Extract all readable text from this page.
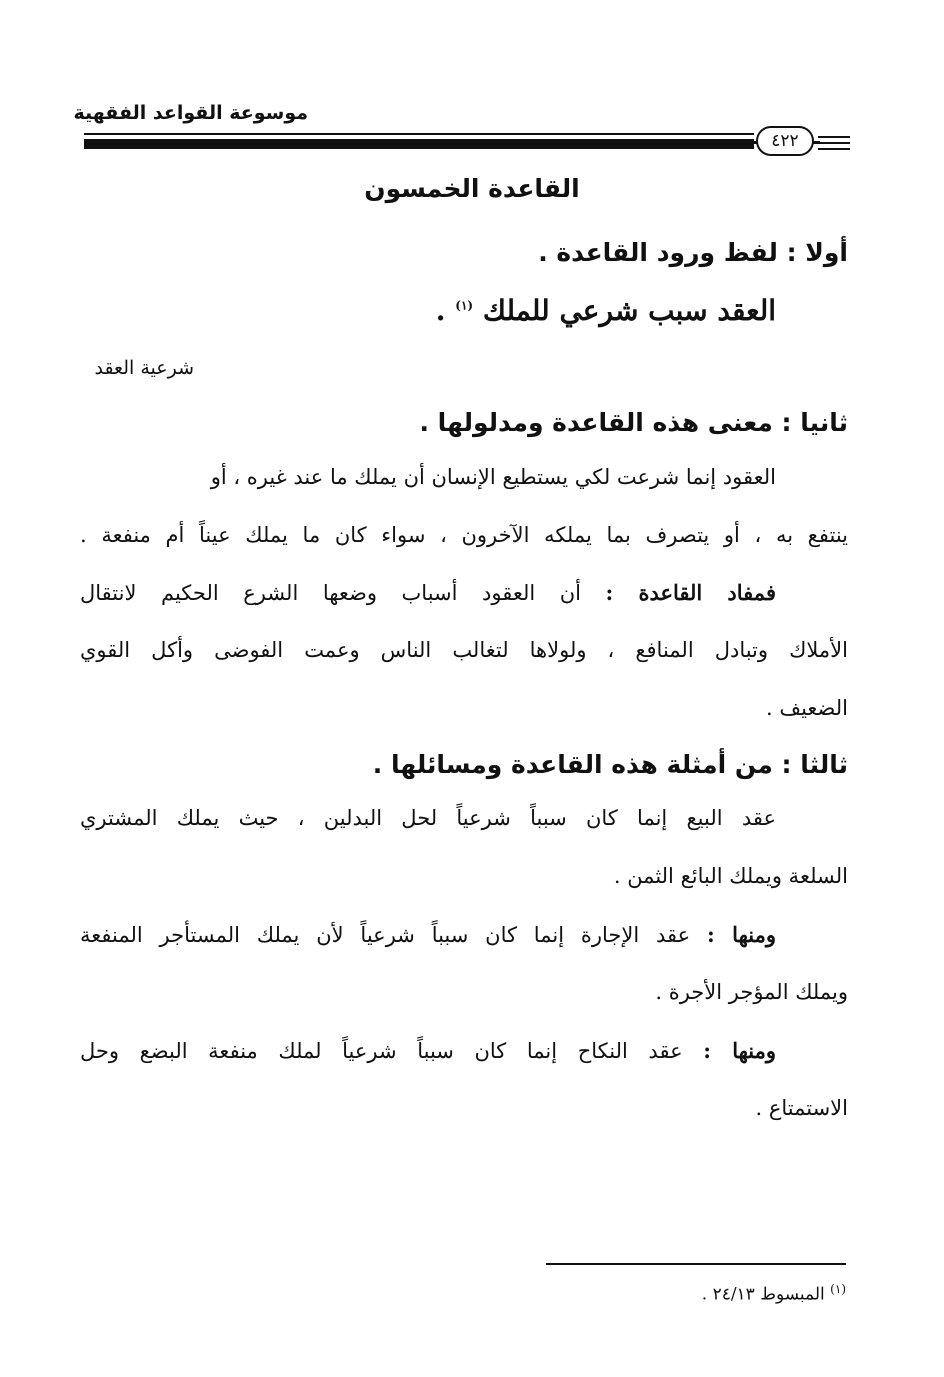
موسوعة القواعد الفقهية
٤٢٢
القاعدة الخمسون
أولا : لفظ ورود القاعدة .
العقد سبب شرعي للملك $^{(١)}$ .
شرعية العقد
ثانيا : معنى هذه القاعدة ومدلولها .
العقود إنما شرعت لكي يستطيع الإنسان أن يملك ما عند غيره ، أو
ينتفع به ، أو يتصرف بما يملكه الآخرون ، سواء كان ما يملك عيناً أم منفعة .
فمفاد القاعدة : أن العقود أسباب وضعها الشرع الحكيم لانتقال
الأملاك وتبادل المنافع ، ولولاها لتغالب الناس وعمت الفوضى وأكل القوي
الضعيف .
ثالثا : من أمثلة هذه القاعدة ومسائلها .
عقد البيع إنما كان سبباً شرعياً لحل البدلين ، حيث يملك المشتري
السلعة ويملك البائع الثمن .
ومنها : عقد الإجارة إنما كان سبباً شرعياً لأن يملك المستأجر المنفعة
ويملك المؤجر الأجرة .
ومنها : عقد النكاح إنما كان سبباً شرعياً لملك منفعة البضع وحل
الاستمتاع .
$^{(١)}$ المبسوط ٢٤/١٣ .
